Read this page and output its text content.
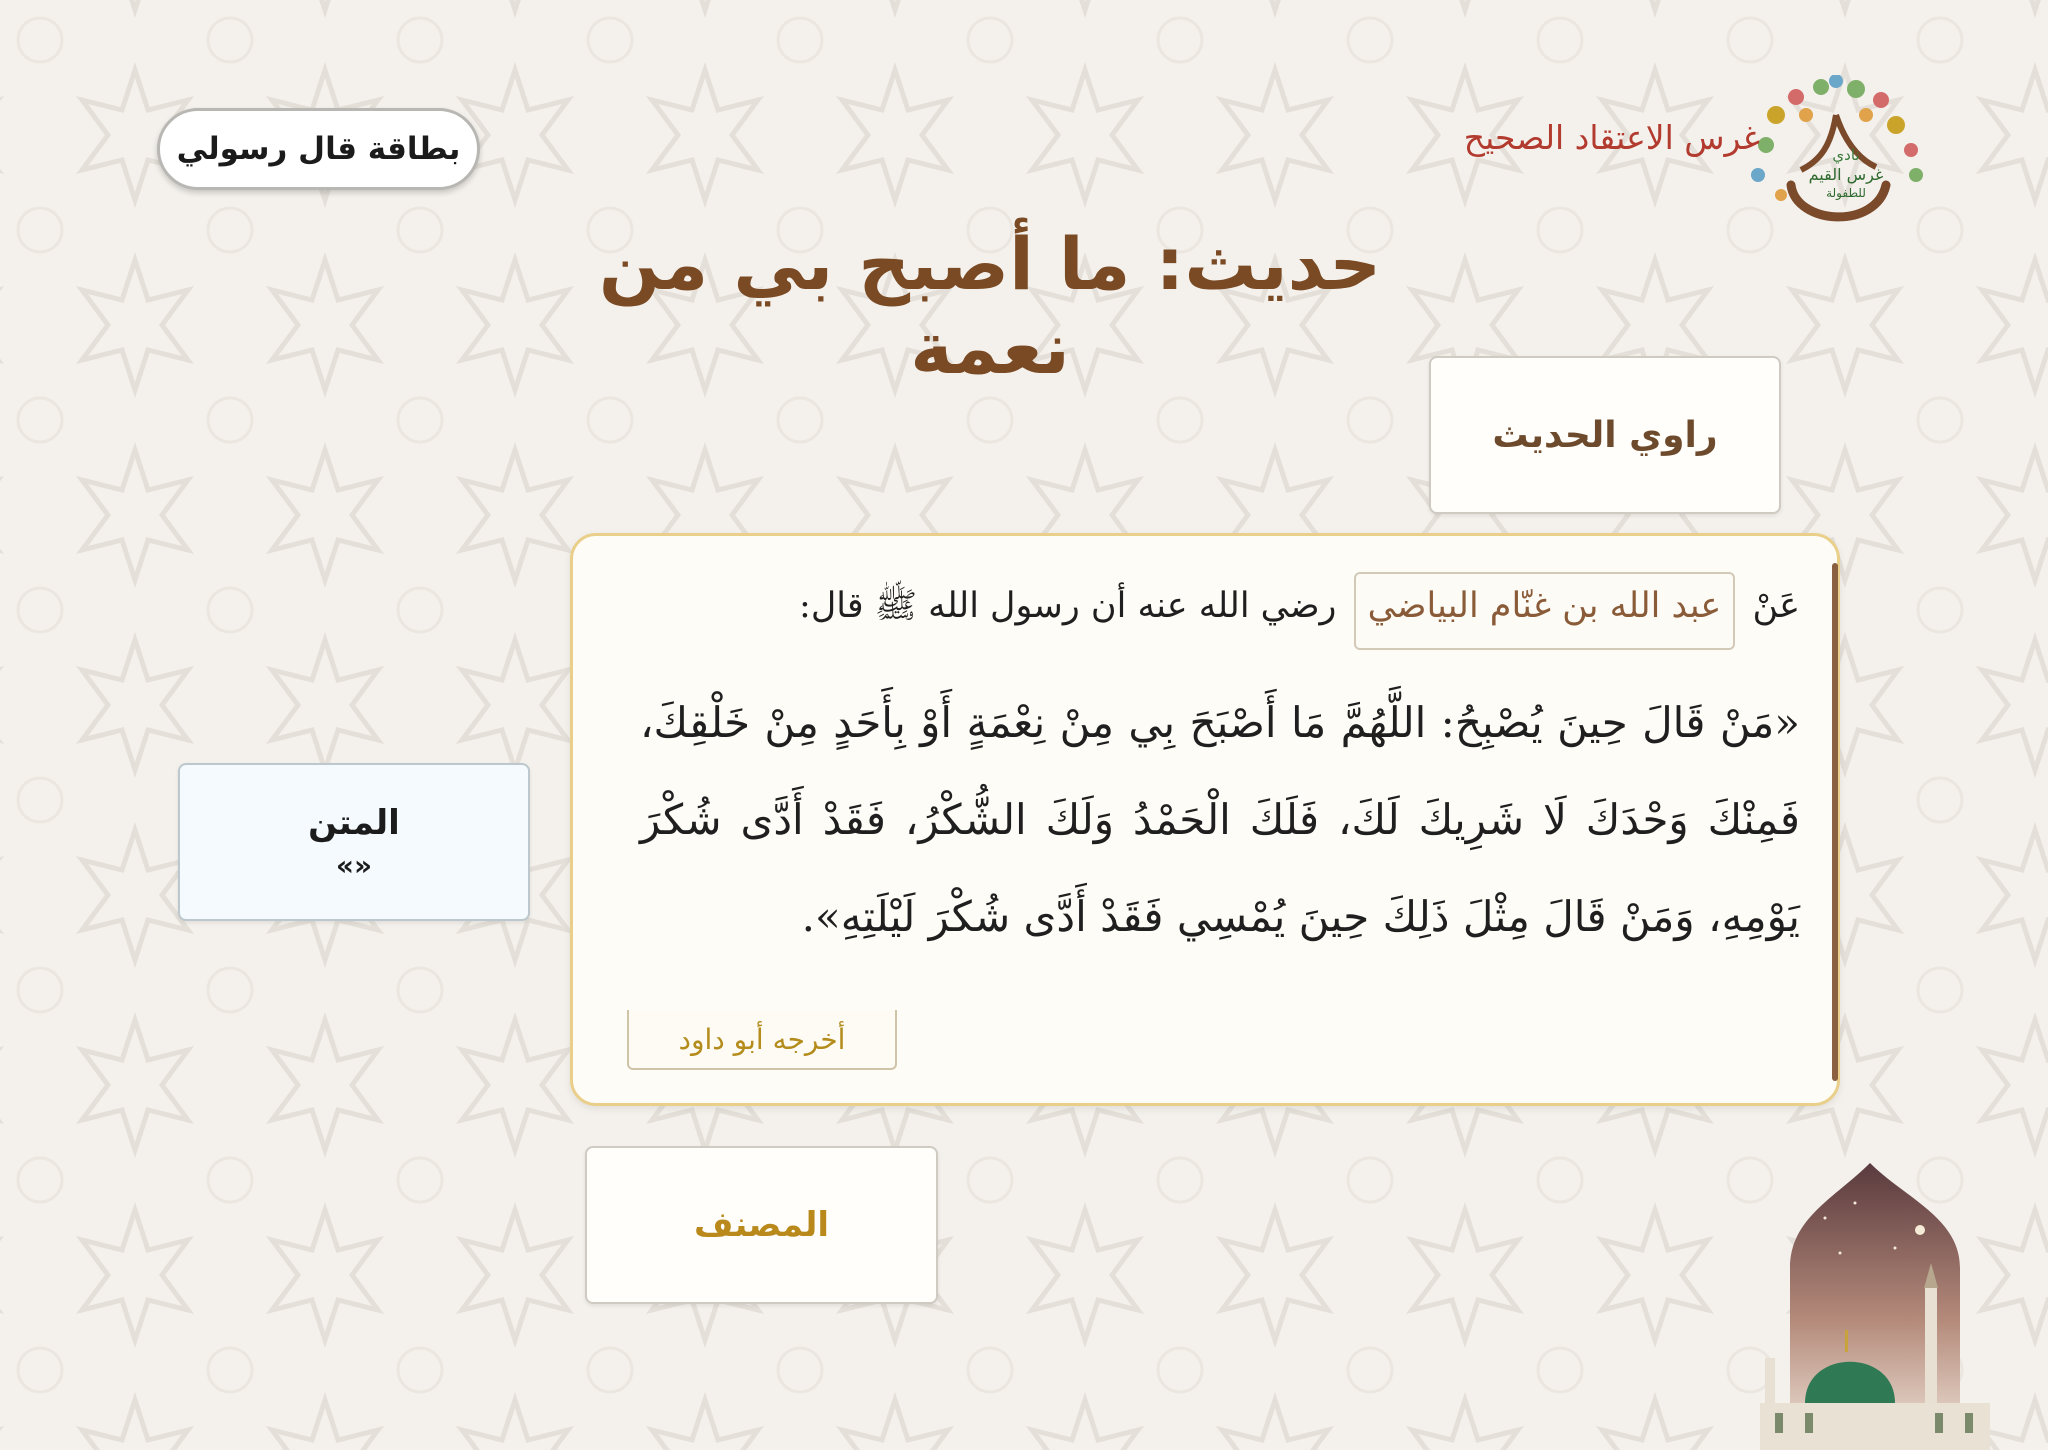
بطاقة قال رسولي	نادي
غرس القيم
للطفولة
غرس الاعتقاد الصحيح
حديث: ما أصبح بي من نعمة
راوي الحديث
المتن
«»
عَنْ عبد الله بن غنّام البياضي رضي الله عنه أن رسول الله ﷺ قال:
«مَنْ قَالَ حِينَ يُصْبِحُ: اللَّهُمَّ مَا أَصْبَحَ بِي مِنْ نِعْمَةٍ أَوْ بِأَحَدٍ مِنْ خَلْقِكَ، فَمِنْكَ وَحْدَكَ لَا شَرِيكَ لَكَ، فَلَكَ الْحَمْدُ وَلَكَ الشُّكْرُ، فَقَدْ أَدَّى شُكْرَ يَوْمِهِ، وَمَنْ قَالَ مِثْلَ ذَلِكَ حِينَ يُمْسِي فَقَدْ أَدَّى شُكْرَ لَيْلَتِهِ».
أخرجه أبو داود
المصنف
